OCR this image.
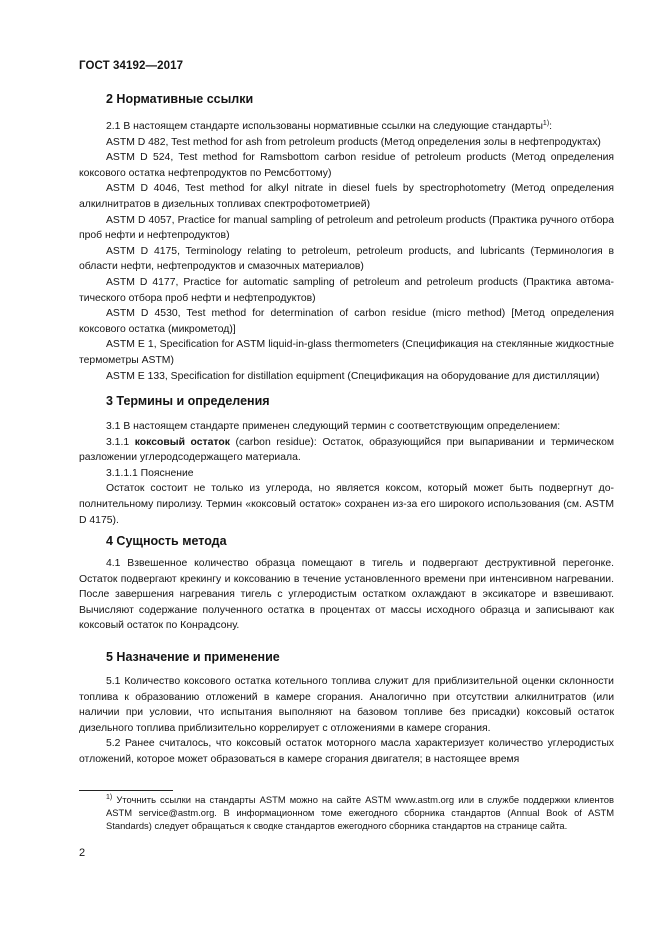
ГОСТ 34192—2017
2 Нормативные ссылки

2.1 В настоящем стандарте использованы нормативные ссылки на следующие стандарты$^{1)}$:

ASTM D 482, Test method for ash from petroleum products (Метод определения золы в нефтепродуктах)

ASTM D 524, Test method for Ramsbottom carbon residue of petroleum products (Метод определения коксового остатка нефтепродуктов по Ремсботтому)

ASTM D 4046, Test method for alkyl nitrate in diesel fuels by spectrophotometry (Метод определения алкилнитратов в дизельных топливах спектрофотометрией)

ASTM D 4057, Practice for manual sampling of petroleum and petroleum products (Практика ручного отбора проб нефти и нефтепродуктов)

ASTM D 4175, Terminology relating to petroleum, petroleum products, and lubricants (Терминология в области нефти, нефтепродуктов и смазочных материалов)

ASTM D 4177, Practice for automatic sampling of petroleum and petroleum products (Практика автоматического отбора проб нефти и нефтепродуктов)

ASTM D 4530, Test method for determination of carbon residue (micro method) [Метод определения коксового остатка (микрометод)]

ASTM E 1, Specification for ASTM liquid-in-glass thermometers (Спецификация на стеклянные жидкостные термометры ASTM)

ASTM E 133, Specification for distillation equipment (Спецификация на оборудование для дистилляции)

3 Термины и определения

3.1 В настоящем стандарте применен следующий термин с соответствующим определением:

3.1.1 коксовый остаток (carbon residue): Остаток, образующийся при выпаривании и термическом разложении углеродсодержащего материала.

3.1.1.1 Пояснение

Остаток состоит не только из углерода, но является коксом, который может быть подвергнут дополнительному пиролизу. Термин «коксовый остаток» сохранен из-за его широкого использования (см. ASTM D 4175).

4 Сущность метода

4.1 Взвешенное количество образца помещают в тигель и подвергают деструктивной перегонке. Остаток подвергают крекингу и коксованию в течение установленного времени при интенсивном нагревании. После завершения нагревания тигель с углеродистым остатком охлаждают в эксикаторе и взвешивают. Вычисляют содержание полученного остатка в процентах от массы исходного образца и записывают как коксовый остаток по Конрадсону.

5 Назначение и применение

5.1 Количество коксового остатка котельного топлива служит для приблизительной оценки склонности топлива к образованию отложений в камере сгорания. Аналогично при отсутствии алкилнитратов (или наличии при условии, что испытания выполняют на базовом топливе без присадки) коксовый остаток дизельного топлива приблизительно коррелирует с отложениями в камере сгорания.

5.2 Ранее считалось, что коксовый остаток моторного масла характеризует количество углеродистых отложений, которое может образоваться в камере сгорания двигателя; в настоящее время

$^{1)}$ Уточнить ссылки на стандарты ASTM можно на сайте ASTM www.astm.org или в службе поддержки клиентов ASTM service@astm.org. В информационном томе ежегодного сборника стандартов (Annual Book of ASTM Standards) следует обращаться к сводке стандартов ежегодного сборника стандартов на странице сайта.
2
